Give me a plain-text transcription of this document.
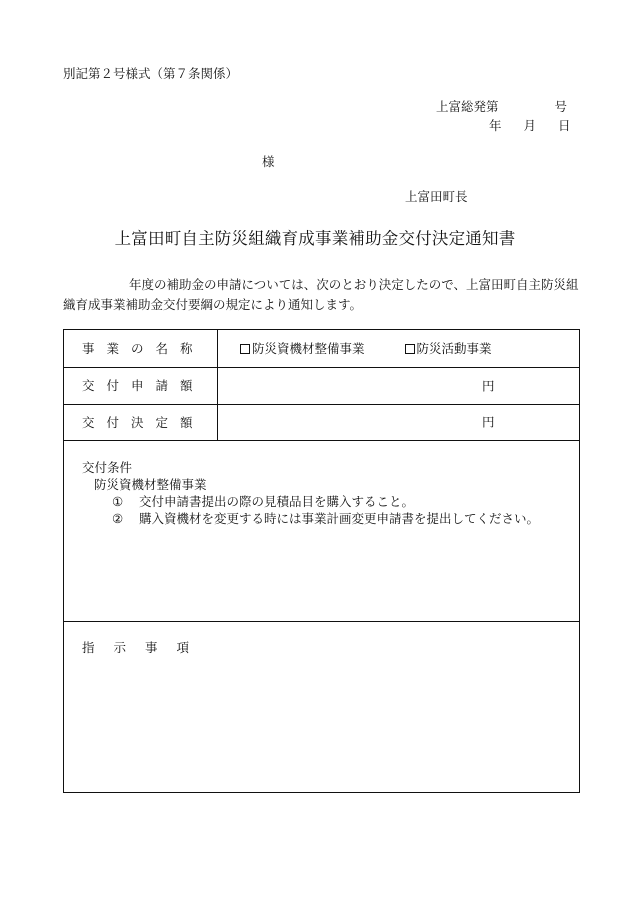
別記第２号様式（第７条関係）
上富総発第	号
年 月 日
様
上富田町長
上富田町自主防災組織育成事業補助金交付決定通知書
年度の補助金の申請については、次のとおり決定したので、上富田町自主防災組織育成事業補助金交付要綱の規定により通知します。
事業の名称	防災資機材整備事業	防災活動事業
交付申請額	円
交付決定額	円
交付条件
防災資機材整備事業
① 交付申請書提出の際の見積品目を購入すること。
② 購入資機材を変更する時には事業計画変更申請書を提出してください。
指示事項
